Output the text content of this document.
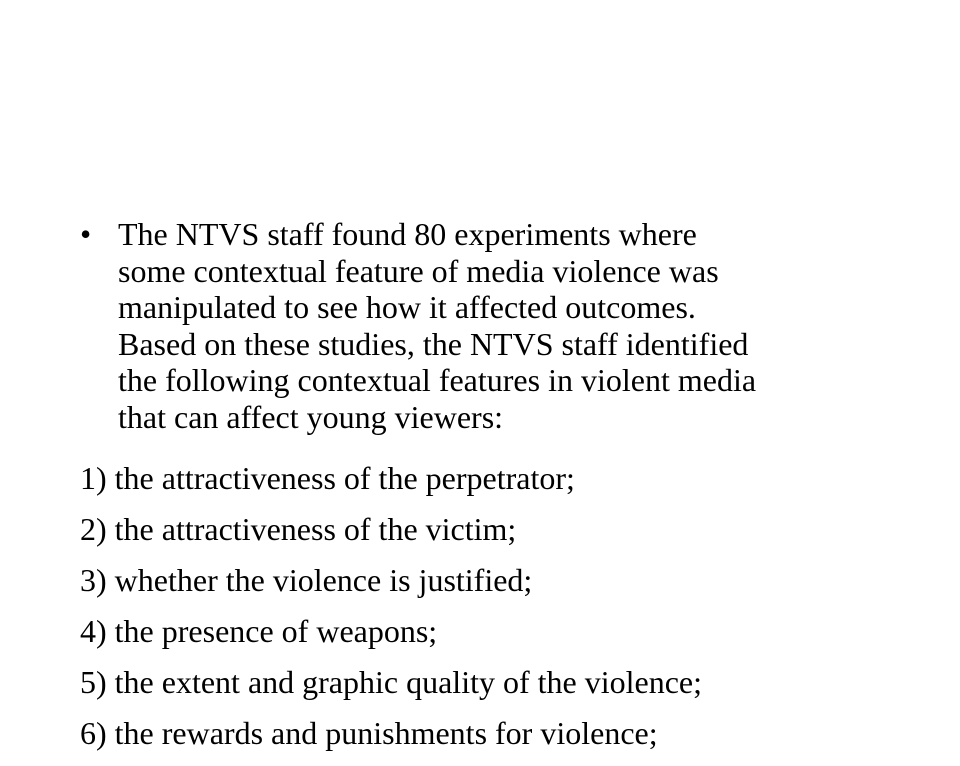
• The NTVS staff found 80 experiments where
some contextual feature of media violence was
manipulated to see how it affected outcomes.
Based on these studies, the NTVS staff identified
the following contextual features in violent media
that can affect young viewers:
1) the attractiveness of the perpetrator;
2) the attractiveness of the victim;
3) whether the violence is justified;
4) the presence of weapons;
5) the extent and graphic quality of the violence;
6) the rewards and punishments for violence;
